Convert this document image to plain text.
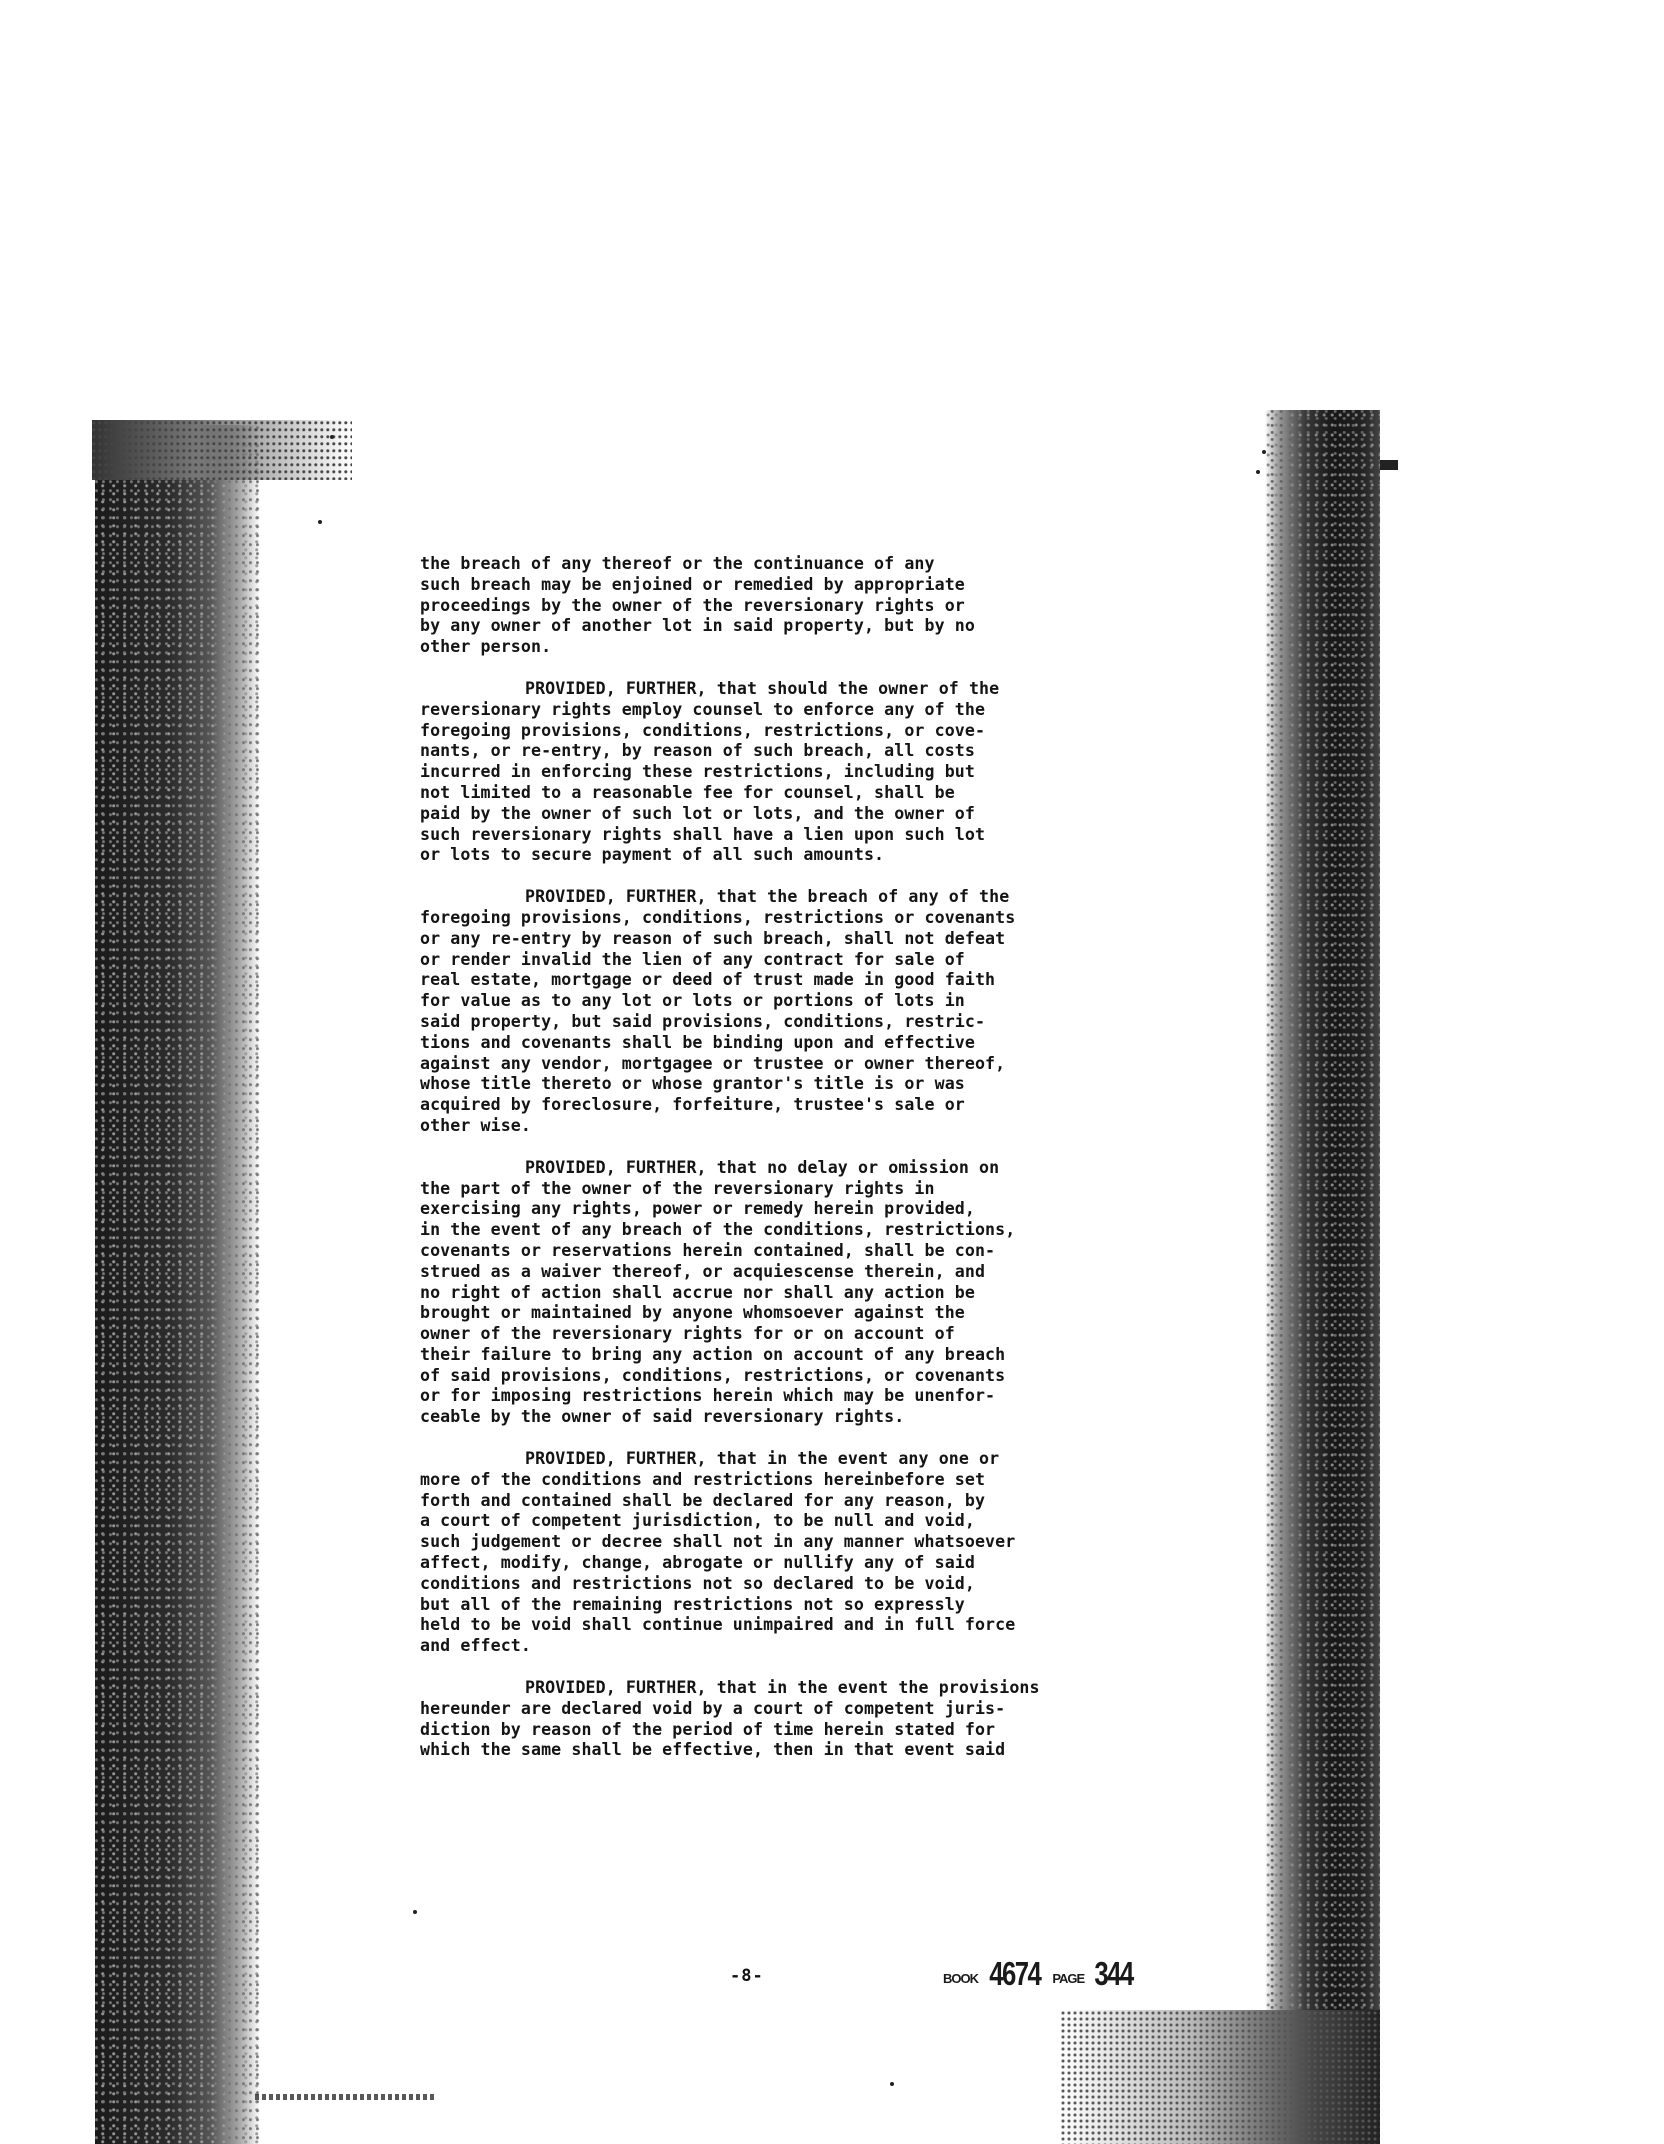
the breach of any thereof or the continuance of any
such breach may be enjoined or remedied by appropriate
proceedings by the owner of the reversionary rights or
by any owner of another lot in said property, but by no
other person.
PROVIDED, FURTHER, that should the owner of the
reversionary rights employ counsel to enforce any of the
foregoing provisions, conditions, restrictions, or cove-
nants, or re-entry, by reason of such breach, all costs
incurred in enforcing these restrictions, including but
not limited to a reasonable fee for counsel, shall be
paid by the owner of such lot or lots, and the owner of
such reversionary rights shall have a lien upon such lot
or lots to secure payment of all such amounts.
PROVIDED, FURTHER, that the breach of any of the
foregoing provisions, conditions, restrictions or covenants
or any re-entry by reason of such breach, shall not defeat
or render invalid the lien of any contract for sale of
real estate, mortgage or deed of trust made in good faith
for value as to any lot or lots or portions of lots in
said property, but said provisions, conditions, restric-
tions and covenants shall be binding upon and effective
against any vendor, mortgagee or trustee or owner thereof,
whose title thereto or whose grantor's title is or was
acquired by foreclosure, forfeiture, trustee's sale or
other wise.
PROVIDED, FURTHER, that no delay or omission on
the part of the owner of the reversionary rights in
exercising any rights, power or remedy herein provided,
in the event of any breach of the conditions, restrictions,
covenants or reservations herein contained, shall be con-
strued as a waiver thereof, or acquiescense therein, and
no right of action shall accrue nor shall any action be
brought or maintained by anyone whomsoever against the
owner of the reversionary rights for or on account of
their failure to bring any action on account of any breach
of said provisions, conditions, restrictions, or covenants
or for imposing restrictions herein which may be unenfor-
ceable by the owner of said reversionary rights.
PROVIDED, FURTHER, that in the event any one or
more of the conditions and restrictions hereinbefore set
forth and contained shall be declared for any reason, by
a court of competent jurisdiction, to be null and void,
such judgement or decree shall not in any manner whatsoever
affect, modify, change, abrogate or nullify any of said
conditions and restrictions not so declared to be void,
but all of the remaining restrictions not so expressly
held to be void shall continue unimpaired and in full force
and effect.
PROVIDED, FURTHER, that in the event the provisions
hereunder are declared void by a court of competent juris-
diction by reason of the period of time herein stated for
which the same shall be effective, then in that event said
-8-	BOOK 4674 PAGE 344
